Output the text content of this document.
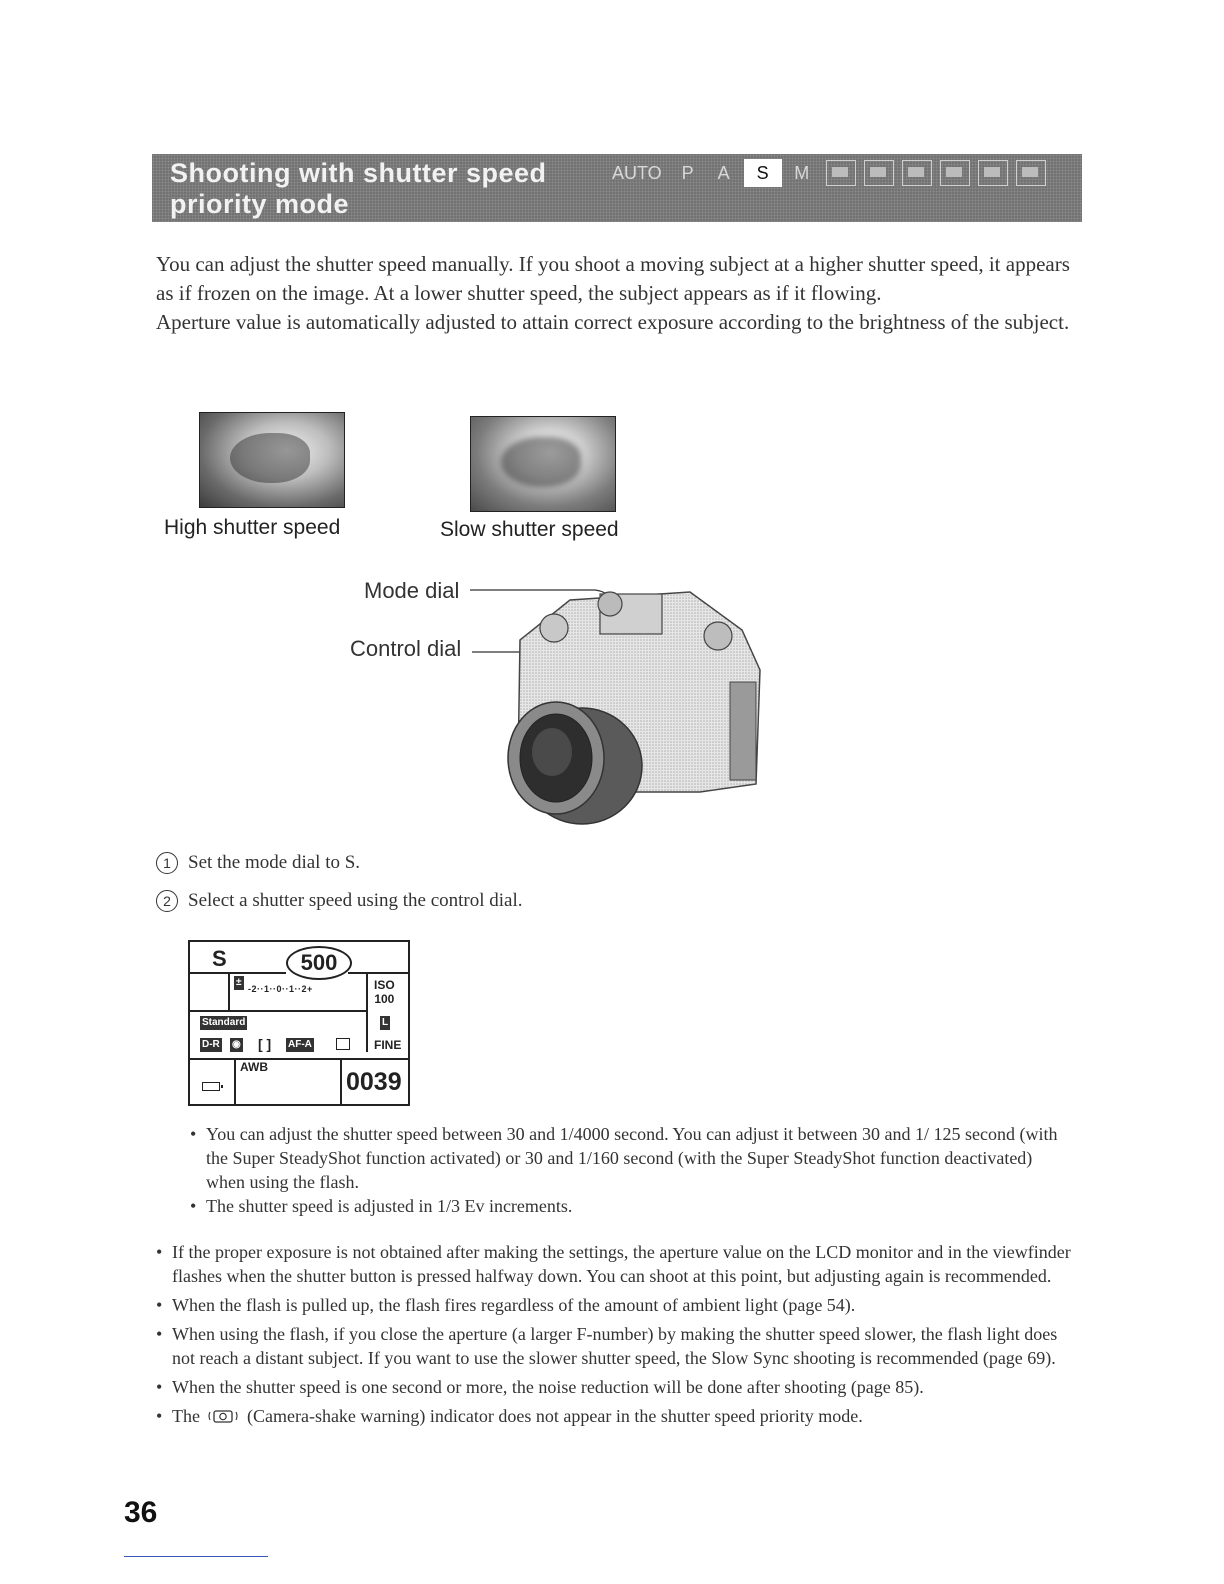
Shooting with shutter speed priority mode
AUTO	P	A	S	M

You can adjust the shutter speed manually. If you shoot a moving subject at a higher shutter speed, it appears as if frozen on the image. At a lower shutter speed, the subject appears as if it flowing.

Aperture value is automatically adjusted to attain correct exposure according to the brightness of the subject.

High shutter speed	Slow shutter speed
Mode dial
Control dial
1 Set the mode dial to S.
2 Select a shutter speed using the control dial.
S	500
±
-2··1··0··1··2+	ISO
100
Standard	L
D-R ◉ [ ] AF-A	FINE
AWB
0039
• You can adjust the shutter speed between 30 and 1/4000 second. You can adjust it between 30 and 1/ 125 second (with the Super SteadyShot function activated) or 30 and 1/160 second (with the Super SteadyShot function deactivated) when using the flash.
• The shutter speed is adjusted in 1/3 Ev increments.
• If the proper exposure is not obtained after making the settings, the aperture value on the LCD monitor and in the viewfinder flashes when the shutter button is pressed halfway down. You can shoot at this point, but adjusting again is recommended.
• When the flash is pulled up, the flash fires regardless of the amount of ambient light (page 54).
• When using the flash, if you close the aperture (a larger F-number) by making the shutter speed slower, the flash light does not reach a distant subject. If you want to use the slower shutter speed, the Slow Sync shooting is recommended (page 69).
• When the shutter speed is one second or more, the noise reduction will be done after shooting (page 85).
• The	(Camera-shake warning) indicator does not appear in the shutter speed priority mode.
36
